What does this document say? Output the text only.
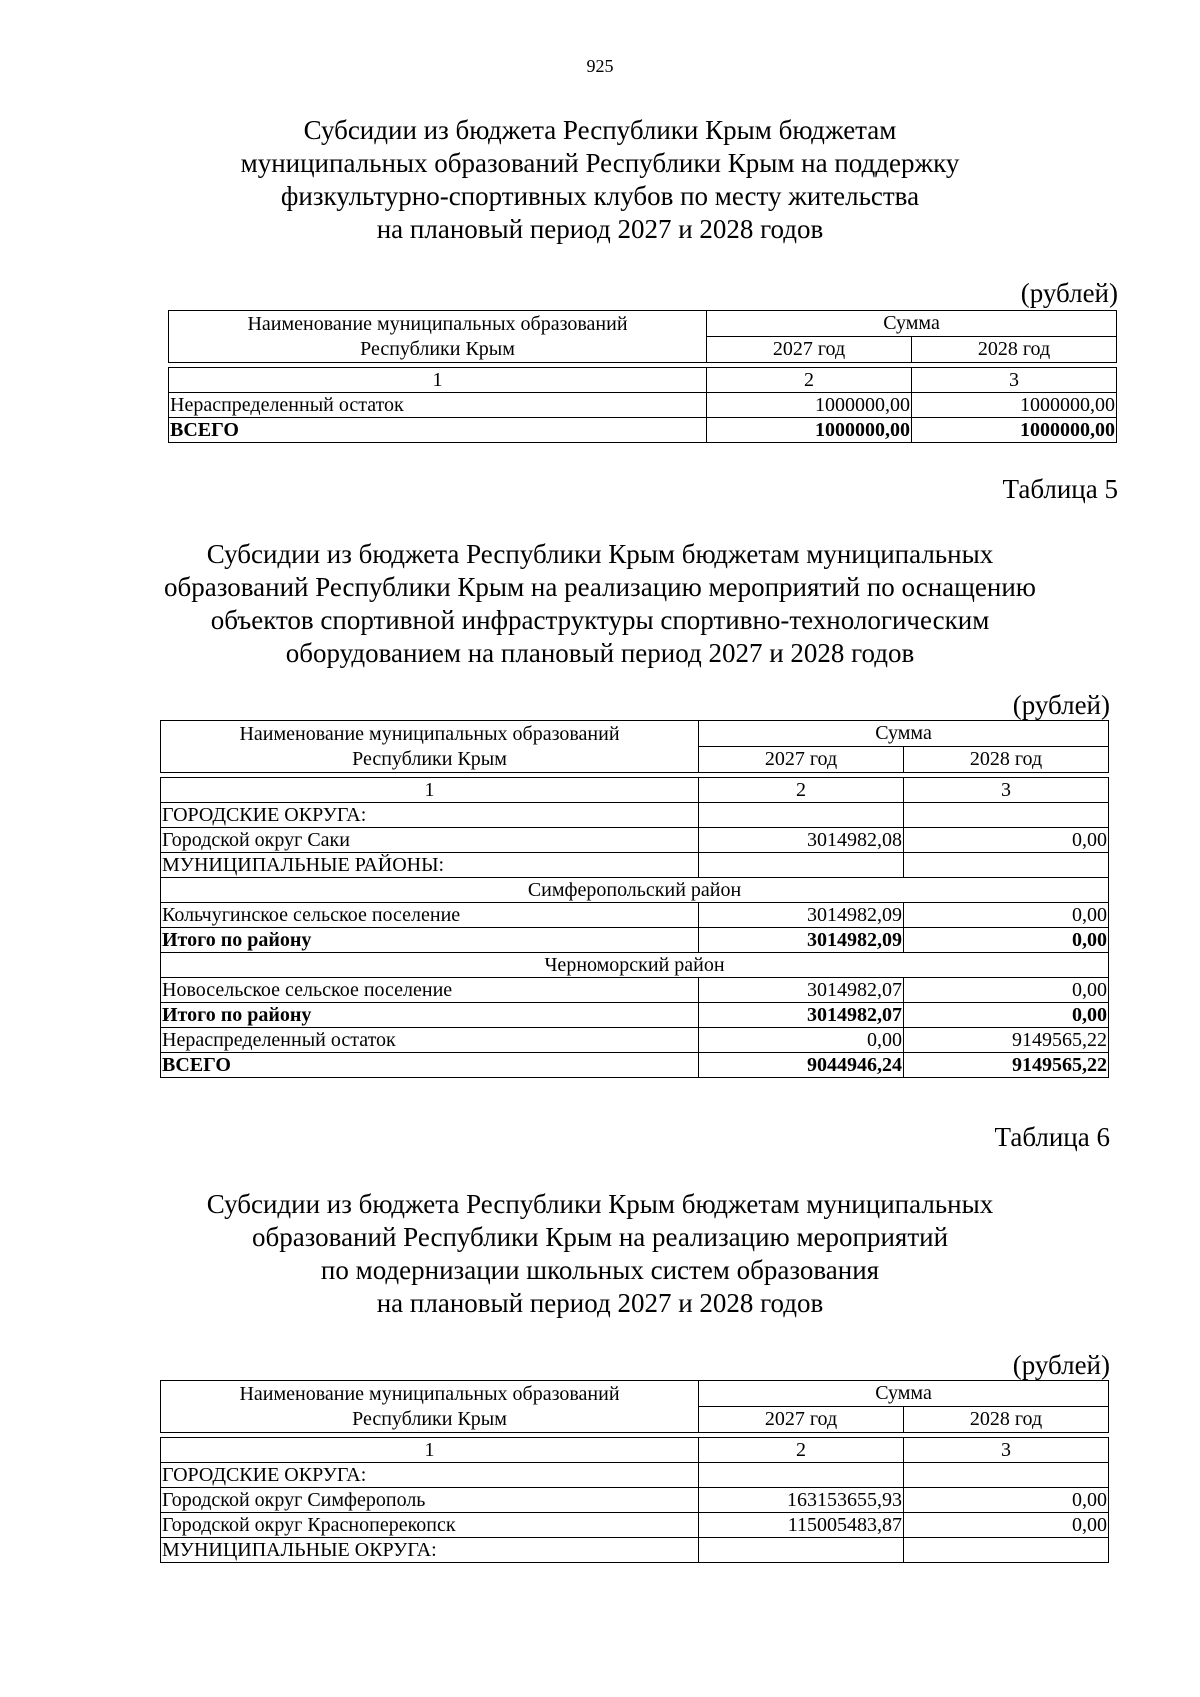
925
Субсидии из бюджета Республики Крым бюджетам
муниципальных образований Республики Крым на поддержку
физкультурно-спортивных клубов по месту жительства
на плановый период 2027 и 2028 годов
(рублей)
Наименование муниципальных образований
Республики Крым	Сумма	
	2027 год	2028 год

1	2	3
Нераспределенный остаток	1000000,00	1000000,00
ВСЕГО	1000000,00	1000000,00
Таблица 5
Субсидии из бюджета Республики Крым бюджетам муниципальных
образований Республики Крым на реализацию мероприятий по оснащению
объектов спортивной инфраструктуры спортивно-технологическим
оборудованием на плановый период 2027 и 2028 годов
(рублей)
Наименование муниципальных образований
Республики Крым	Сумма	
	2027 год	2028 год

1	2	3
ГОРОДСКИЕ ОКРУГА:		
Городской округ Саки	3014982,08	0,00
МУНИЦИПАЛЬНЫЕ РАЙОНЫ:		
Симферопольский район		
Кольчугинское сельское поселение	3014982,09	0,00
Итого по району	3014982,09	0,00
Черноморский район		
Новосельское сельское поселение	3014982,07	0,00
Итого по району	3014982,07	0,00
Нераспределенный остаток	0,00	9149565,22
ВСЕГО	9044946,24	9149565,22
Таблица 6
Субсидии из бюджета Республики Крым бюджетам муниципальных
образований Республики Крым на реализацию мероприятий
по модернизации школьных систем образования
на плановый период 2027 и 2028 годов
(рублей)
Наименование муниципальных образований
Республики Крым	Сумма	
	2027 год	2028 год

1	2	3
ГОРОДСКИЕ ОКРУГА:		
Городской округ Симферополь	163153655,93	0,00
Городской округ Красноперекопск	115005483,87	0,00
МУНИЦИПАЛЬНЫЕ ОКРУГА:		
